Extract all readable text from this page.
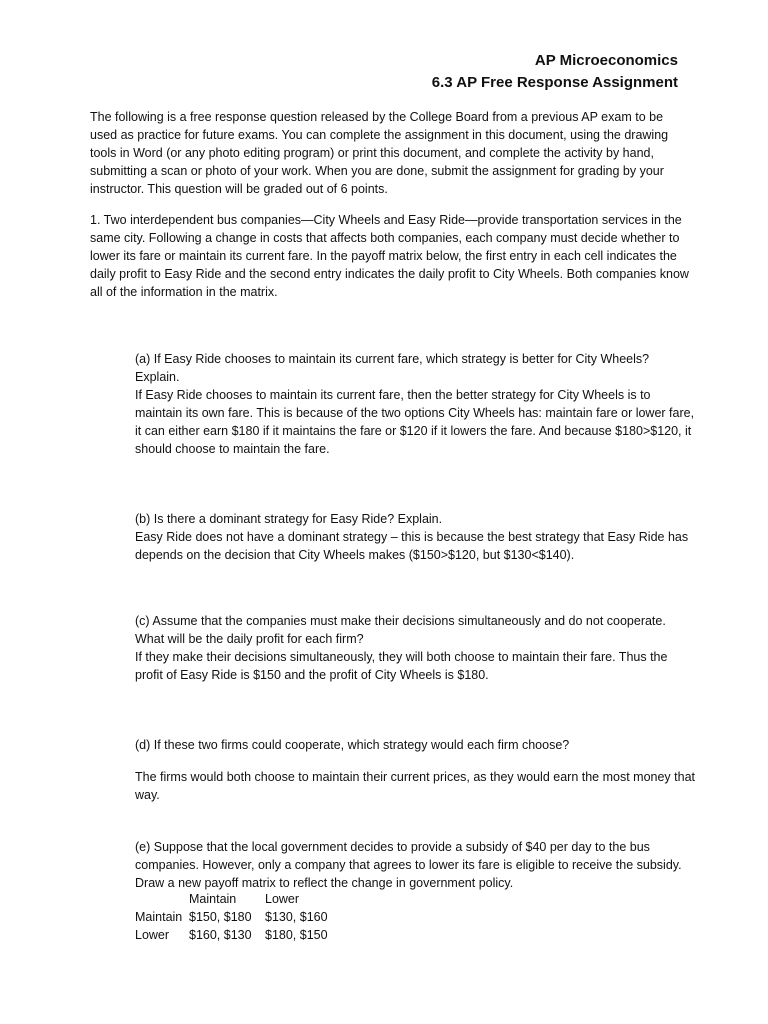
AP Microeconomics
6.3 AP Free Response Assignment

The following is a free response question released by the College Board from a previous AP exam to be used as practice for future exams. You can complete the assignment in this document, using the drawing tools in Word (or any photo editing program) or print this document, and complete the activity by hand, submitting a scan or photo of your work. When you are done, submit the assignment for grading by your instructor. This question will be graded out of 6 points.

1. Two interdependent bus companies—City Wheels and Easy Ride—provide transportation services in the same city. Following a change in costs that affects both companies, each company must decide whether to lower its fare or maintain its current fare. In the payoff matrix below, the first entry in each cell indicates the daily profit to Easy Ride and the second entry indicates the daily profit to City Wheels. Both companies know all of the information in the matrix.

(a) If Easy Ride chooses to maintain its current fare, which strategy is better for City Wheels? Explain.

If Easy Ride chooses to maintain its current fare, then the better strategy for City Wheels is to maintain its own fare. This is because of the two options City Wheels has: maintain fare or lower fare, it can either earn $180 if it maintains the fare or $120 if it lowers the fare. And because $180>$120, it should choose to maintain the fare.

(b) Is there a dominant strategy for Easy Ride? Explain.

Easy Ride does not have a dominant strategy – this is because the best strategy that Easy Ride has depends on the decision that City Wheels makes ($150>$120, but $130<$140).

(c) Assume that the companies must make their decisions simultaneously and do not cooperate. What will be the daily profit for each firm?

If they make their decisions simultaneously, they will both choose to maintain their fare. Thus the profit of Easy Ride is $150 and the profit of City Wheels is $180.

(d) If these two firms could cooperate, which strategy would each firm choose?

The firms would both choose to maintain their current prices, as they would earn the most money that way.

(e) Suppose that the local government decides to provide a subsidy of $40 per day to the bus companies. However, only a company that agrees to lower its fare is eligible to receive the subsidy. Draw a new payoff matrix to reflect the change in government policy.

	Maintain	Lower
Maintain	$150, $180	$130, $160
Lower	$160, $130	$180, $150
